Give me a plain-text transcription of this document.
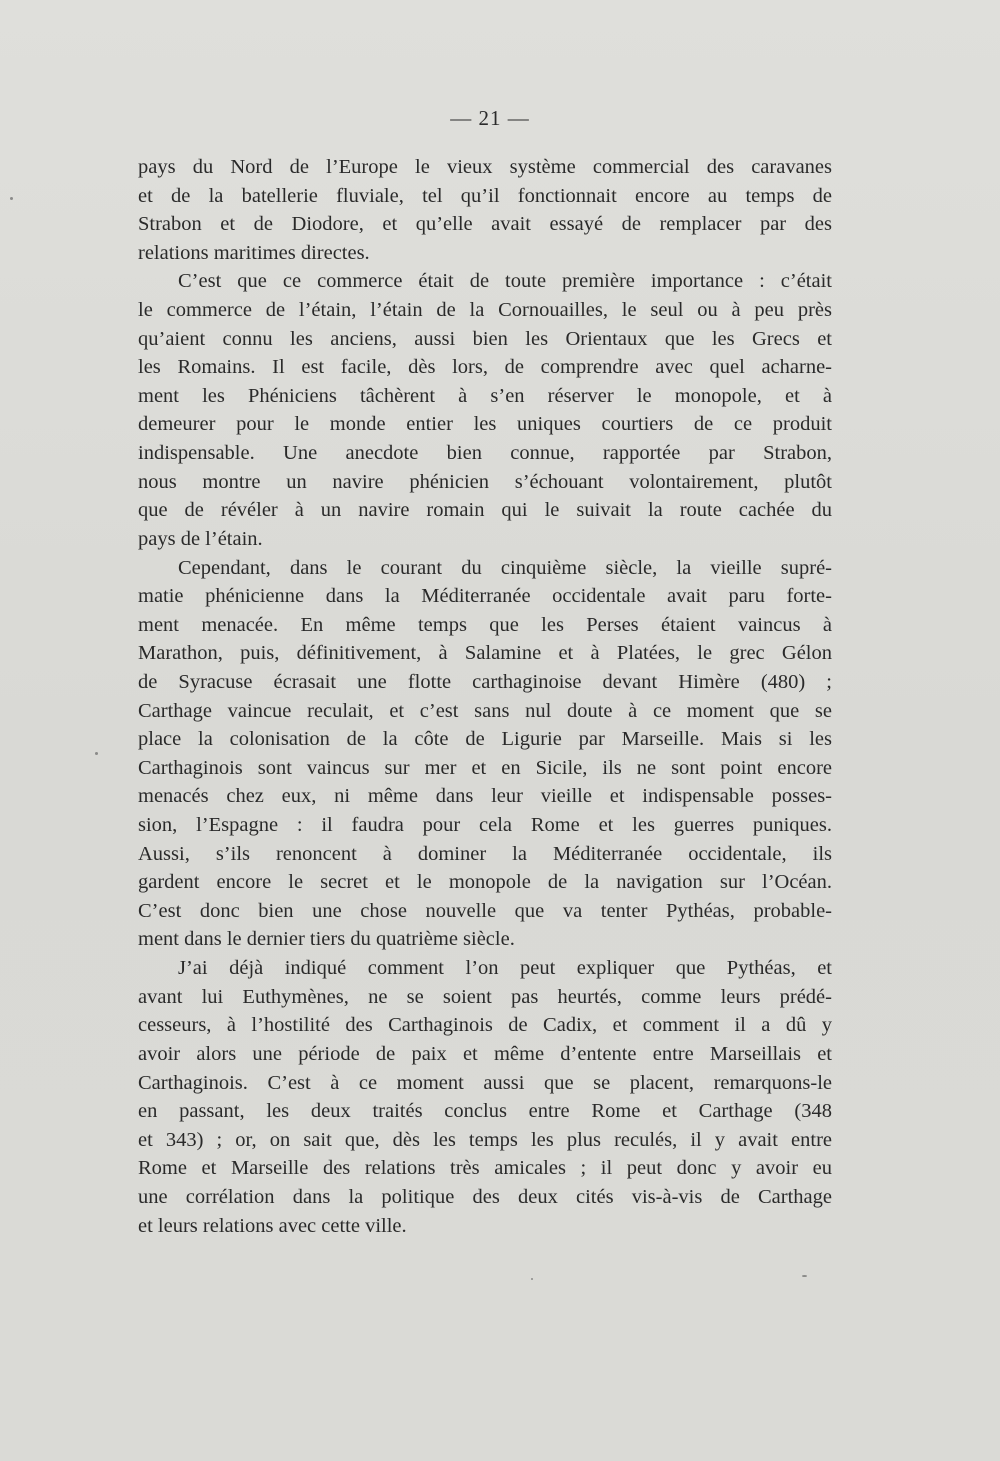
— 21 —
pays du Nord de l’Europe le vieux système commercial des caravanes
et de la batellerie fluviale, tel qu’il fonctionnait encore au temps de
Strabon et de Diodore, et qu’elle avait essayé de remplacer par des
relations maritimes directes.
C’est que ce commerce était de toute première importance : c’était
le commerce de l’étain, l’étain de la Cornouailles, le seul ou à peu près
qu’aient connu les anciens, aussi bien les Orientaux que les Grecs et
les Romains. Il est facile, dès lors, de comprendre avec quel acharne-
ment les Phéniciens tâchèrent à s’en réserver le monopole, et à
demeurer pour le monde entier les uniques courtiers de ce produit
indispensable. Une anecdote bien connue, rapportée par Strabon,
nous montre un navire phénicien s’échouant volontairement, plutôt
que de révéler à un navire romain qui le suivait la route cachée du
pays de l’étain.
Cependant, dans le courant du cinquième siècle, la vieille supré-
matie phénicienne dans la Méditerranée occidentale avait paru forte-
ment menacée. En même temps que les Perses étaient vaincus à
Marathon, puis, définitivement, à Salamine et à Platées, le grec Gélon
de Syracuse écrasait une flotte carthaginoise devant Himère (480) ;
Carthage vaincue reculait, et c’est sans nul doute à ce moment que se
place la colonisation de la côte de Ligurie par Marseille. Mais si les
Carthaginois sont vaincus sur mer et en Sicile, ils ne sont point encore
menacés chez eux, ni même dans leur vieille et indispensable posses-
sion, l’Espagne : il faudra pour cela Rome et les guerres puniques.
Aussi, s’ils renoncent à dominer la Méditerranée occidentale, ils
gardent encore le secret et le monopole de la navigation sur l’Océan.
C’est donc bien une chose nouvelle que va tenter Pythéas, probable-
ment dans le dernier tiers du quatrième siècle.
J’ai déjà indiqué comment l’on peut expliquer que Pythéas, et
avant lui Euthymènes, ne se soient pas heurtés, comme leurs prédé-
cesseurs, à l’hostilité des Carthaginois de Cadix, et comment il a dû y
avoir alors une période de paix et même d’entente entre Marseillais et
Carthaginois. C’est à ce moment aussi que se placent, remarquons-le
en passant, les deux traités conclus entre Rome et Carthage (348
et 343) ; or, on sait que, dès les temps les plus reculés, il y avait entre
Rome et Marseille des relations très amicales ; il peut donc y avoir eu
une corrélation dans la politique des deux cités vis-à-vis de Carthage
et leurs relations avec cette ville.
